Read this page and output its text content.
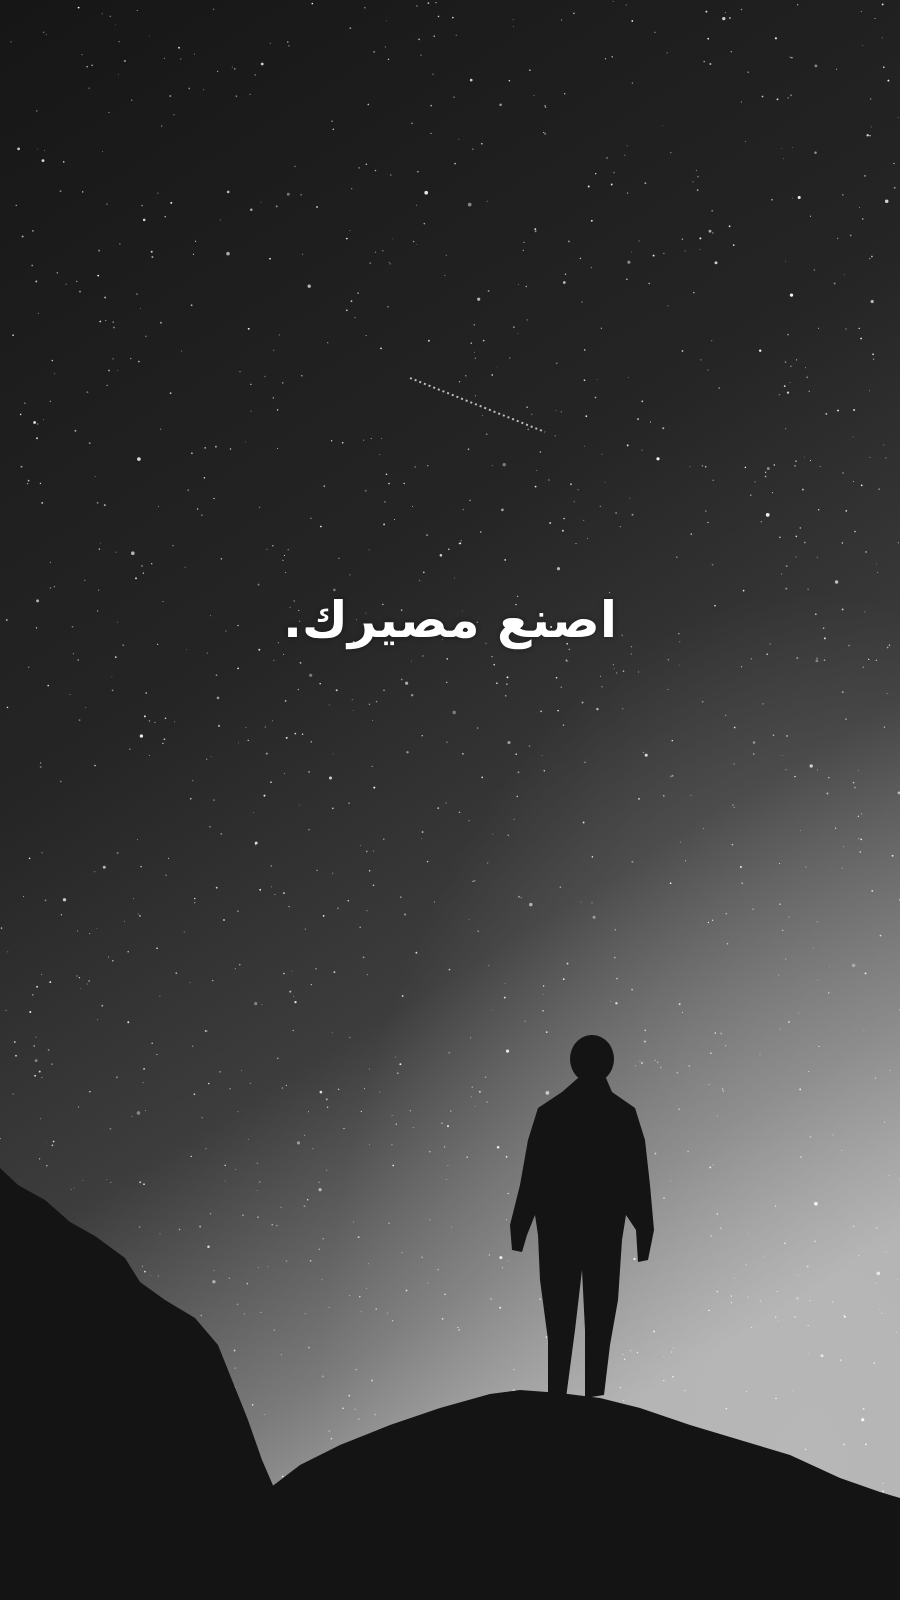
اصنع مصيرك.
